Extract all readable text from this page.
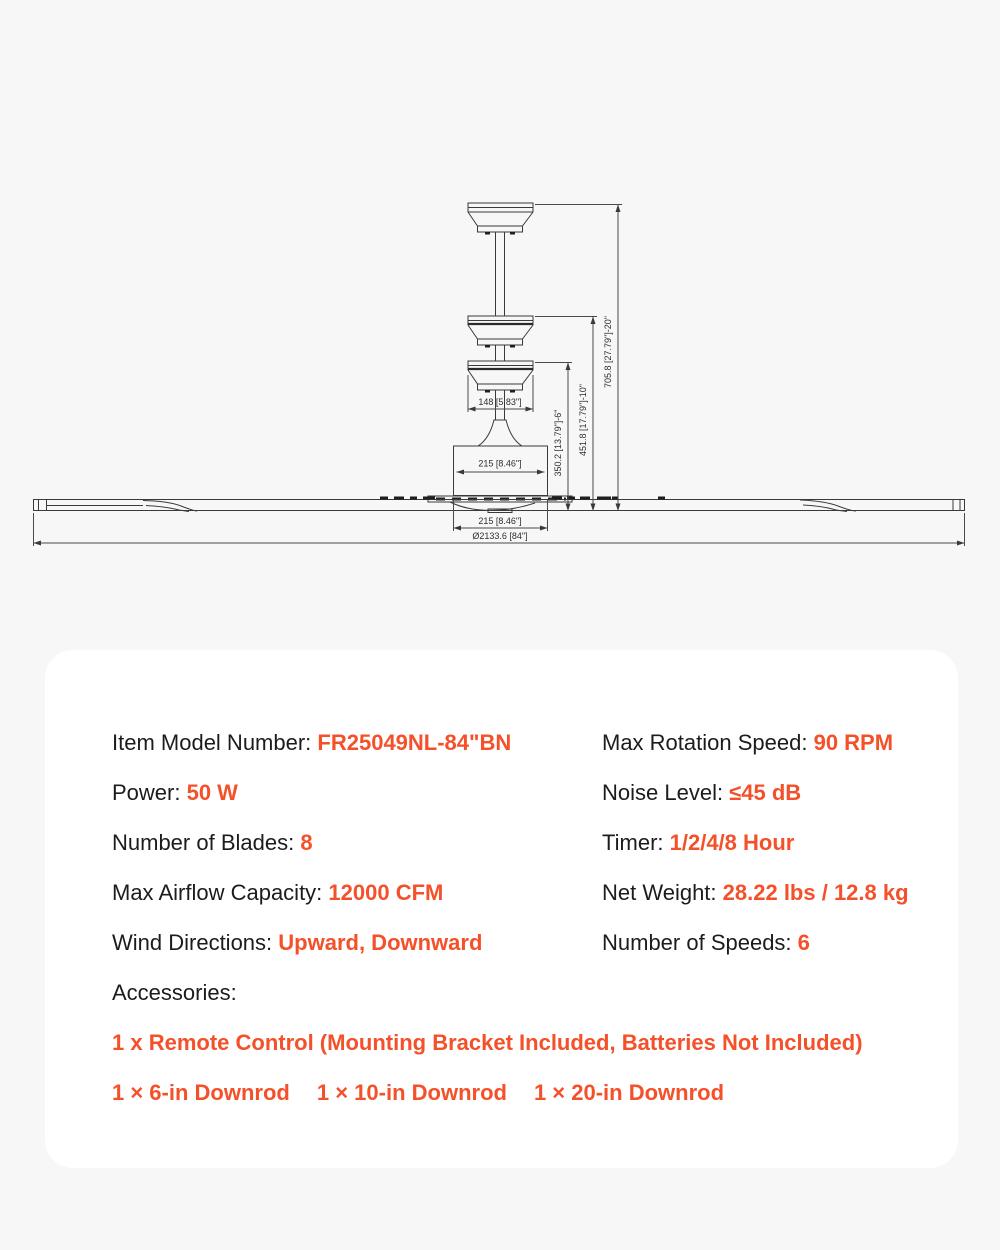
215 [8.46"]
148 [5.83"]
215 [8.46"]
Ø2133.6 [84"]
705.8 [27.79"]-20"
451.8 [17.79"]-10"
350.2 [13.79"]-6"

Item Model Number: FR25049NL-84"BN

Power: 50 W

Number of Blades: 8

Max Airflow Capacity: 12000 CFM

Wind Directions: Upward, Downward

Max Rotation Speed: 90 RPM

Noise Level: ≤45 dB

Timer: 1/2/4/8 Hour

Net Weight: 28.22 lbs / 12.8 kg

Number of Speeds: 6

Accessories:

1 x Remote Control (Mounting Bracket Included, Batteries Not Included)

1 × 6-in Downrod 1 × 10-in Downrod 1 × 20-in Downrod
